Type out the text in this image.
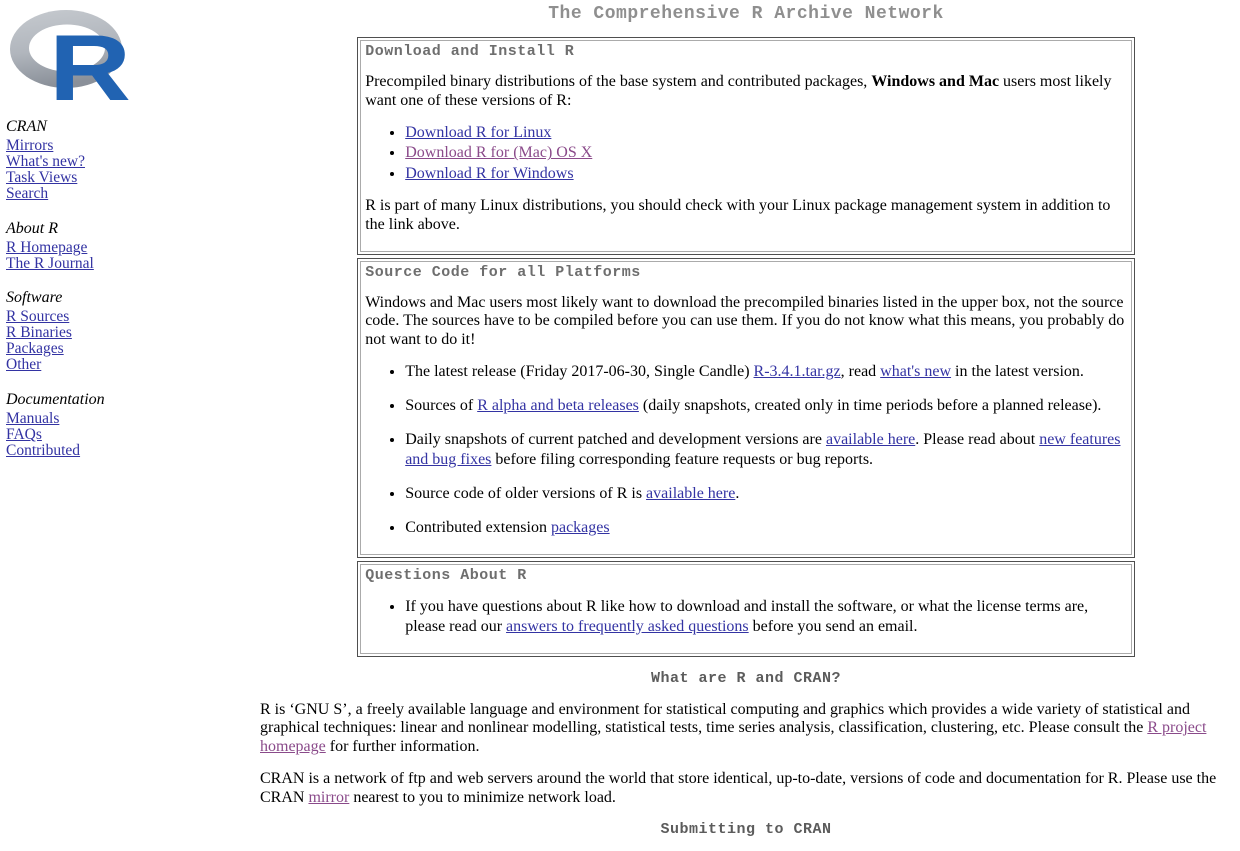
R
CRAN
Mirrors
What's new?
Task Views
Search
About R
R Homepage
The R Journal
Software
R Sources
R Binaries
Packages
Other
Documentation
Manuals
FAQs
Contributed
The Comprehensive R Archive Network
Download and Install R

Precompiled binary distributions of the base system and contributed packages, Windows and Mac users most likely want one of these versions of R:

• Download R for Linux
• Download R for (Mac) OS X
• Download R for Windows

R is part of many Linux distributions, you should check with your Linux package management system in addition to the link above.

Source Code for all Platforms

Windows and Mac users most likely want to download the precompiled binaries listed in the upper box, not the source code. The sources have to be compiled before you can use them. If you do not know what this means, you probably do not want to do it!

• The latest release (Friday 2017-06-30, Single Candle) R-3.4.1.tar.gz, read what's new in the latest version.
• Sources of R alpha and beta releases (daily snapshots, created only in time periods before a planned release).
• Daily snapshots of current patched and development versions are available here. Please read about new features and bug fixes before filing corresponding feature requests or bug reports.
• Source code of older versions of R is available here.
• Contributed extension packages
Questions About R
• If you have questions about R like how to download and install the software, or what the license terms are, please read our answers to frequently asked questions before you send an email.
What are R and CRAN?

R is ‘GNU S’, a freely available language and environment for statistical computing and graphics which provides a wide variety of statistical and graphical techniques: linear and nonlinear modelling, statistical tests, time series analysis, classification, clustering, etc. Please consult the R project homepage for further information.

CRAN is a network of ftp and web servers around the world that store identical, up-to-date, versions of code and documentation for R. Please use the CRAN mirror nearest to you to minimize network load.

Submitting to CRAN
